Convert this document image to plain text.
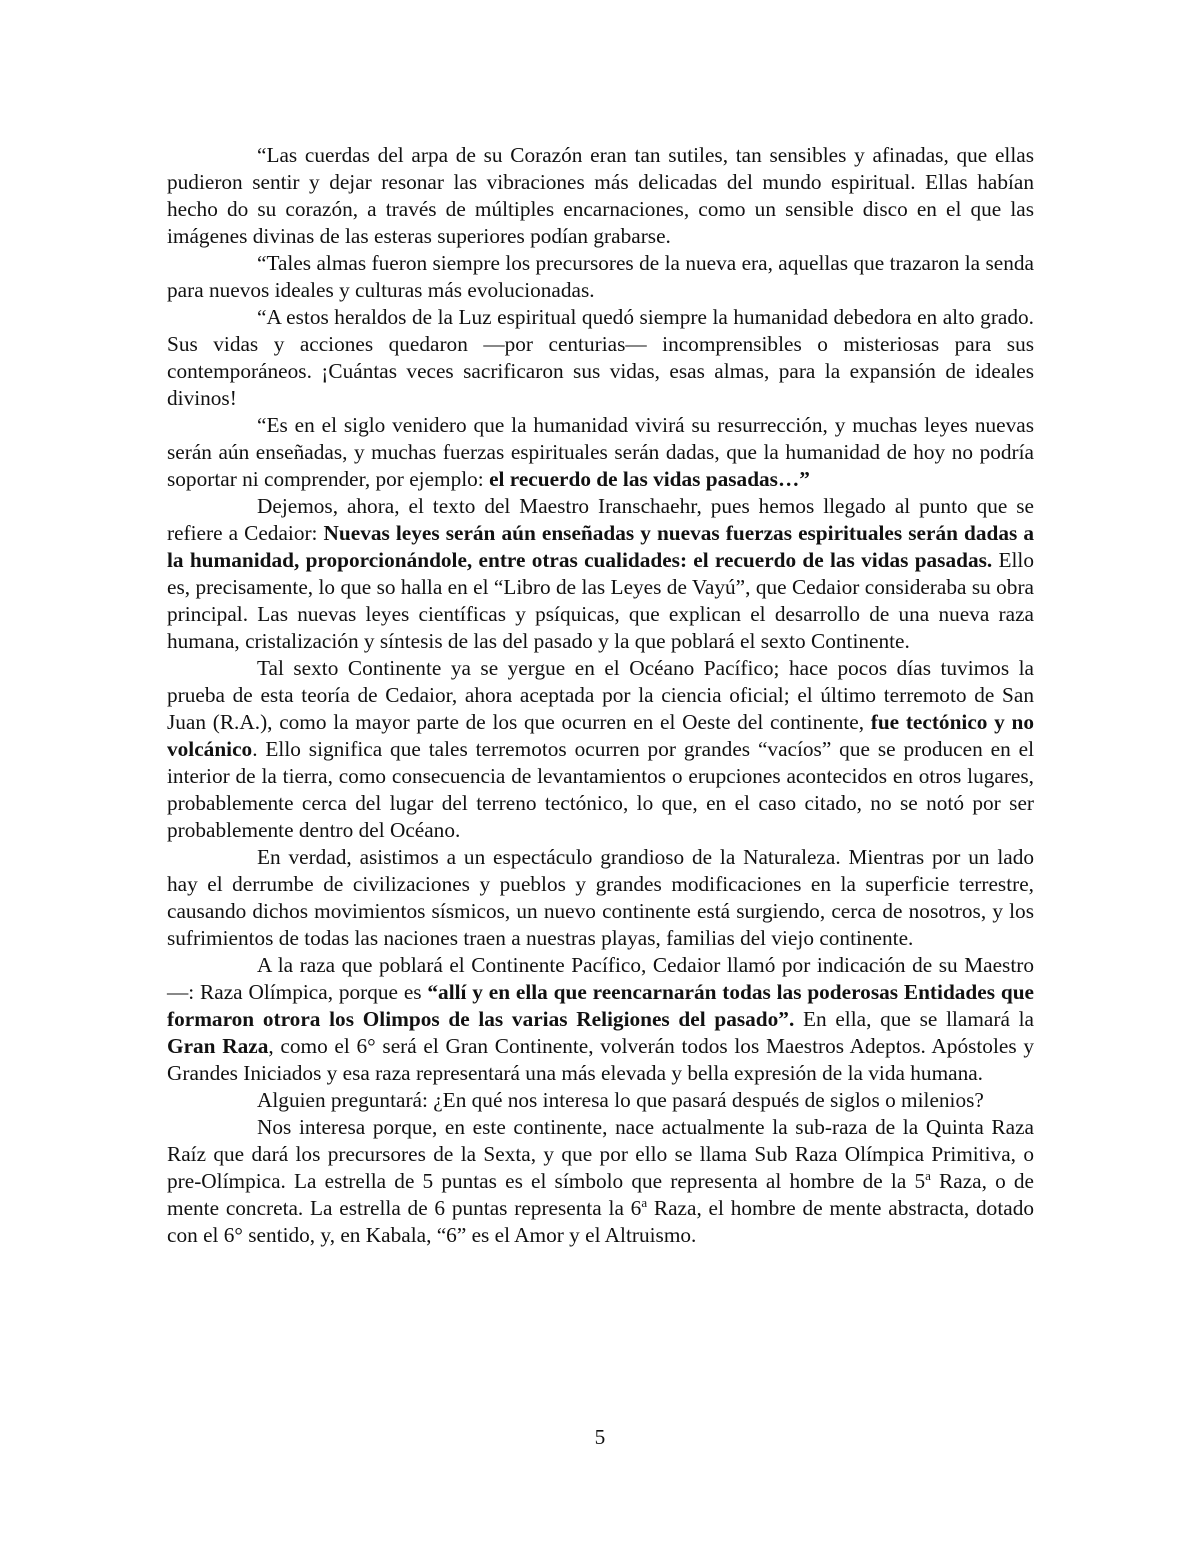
“Las cuerdas del arpa de su Corazón eran tan sutiles, tan sensibles y afinadas, que ellas pudieron sentir y dejar resonar las vibraciones más delicadas del mundo espiritual. Ellas habían hecho do su corazón, a través de múltiples encarnaciones, como un sensible disco en el que las imágenes divinas de las esteras superiores podían grabarse.

“Tales almas fueron siempre los precursores de la nueva era, aquellas que trazaron la senda para nuevos ideales y culturas más evolucionadas.

“A estos heraldos de la Luz espiritual quedó siempre la humanidad debedora en alto grado. Sus vidas y acciones quedaron —por centurias— incomprensibles o misteriosas para sus contemporáneos. ¡Cuántas veces sacrificaron sus vidas, esas almas, para la expansión de ideales divinos!

“Es en el siglo venidero que la humanidad vivirá su resurrección, y muchas leyes nuevas serán aún enseñadas, y muchas fuerzas espirituales serán dadas, que la humanidad de hoy no podría soportar ni comprender, por ejemplo: el recuerdo de las vidas pasadas…”

Dejemos, ahora, el texto del Maestro Iranschaehr, pues hemos llegado al punto que se refiere a Cedaior: Nuevas leyes serán aún enseñadas y nuevas fuerzas espirituales serán dadas a la humanidad, proporcionándole, entre otras cualidades: el recuerdo de las vidas pasadas. Ello es, precisamente, lo que so halla en el “Libro de las Leyes de Vayú”, que Cedaior consideraba su obra principal. Las nuevas leyes científicas y psíquicas, que explican el desarrollo de una nueva raza humana, cristalización y síntesis de las del pasado y la que poblará el sexto Continente.

Tal sexto Continente ya se yergue en el Océano Pacífico; hace pocos días tuvimos la prueba de esta teoría de Cedaior, ahora aceptada por la ciencia oficial; el último terremoto de San Juan (R.A.), como la mayor parte de los que ocurren en el Oeste del continente, fue tectónico y no volcánico. Ello significa que tales terremotos ocurren por grandes “vacíos” que se producen en el interior de la tierra, como consecuencia de levantamientos o erupciones acontecidos en otros lugares, probablemente cerca del lugar del terreno tectónico, lo que, en el caso citado, no se notó por ser probablemente dentro del Océano.

En verdad, asistimos a un espectáculo grandioso de la Naturaleza. Mientras por un lado hay el derrumbe de civilizaciones y pueblos y grandes modificaciones en la superficie terrestre, causando dichos movimientos sísmicos, un nuevo continente está surgiendo, cerca de nosotros, y los sufrimientos de todas las naciones traen a nuestras playas, familias del viejo continente.

A la raza que poblará el Continente Pacífico, Cedaior llamó por indicación de su Maestro—: Raza Olímpica, porque es “allí y en ella que reencarnarán todas las poderosas Entidades que formaron otrora los Olimpos de las varias Religiones del pasado”. En ella, que se llamará la Gran Raza, como el 6° será el Gran Continente, volverán todos los Maestros Adeptos. Apóstoles y Grandes Iniciados y esa raza representará una más elevada y bella expresión de la vida humana.

Alguien preguntará: ¿En qué nos interesa lo que pasará después de siglos o milenios?

Nos interesa porque, en este continente, nace actualmente la sub-raza de la Quinta Raza Raíz que dará los precursores de la Sexta, y que por ello se llama Sub Raza Olímpica Primitiva, o pre-Olímpica. La estrella de 5 puntas es el símbolo que representa al hombre de la 5$^a$ Raza, o de mente concreta. La estrella de 6 puntas representa la 6$^a$ Raza, el hombre de mente abstracta, dotado con el 6° sentido, y, en Kabala, “6” es el Amor y el Altruismo.

5
